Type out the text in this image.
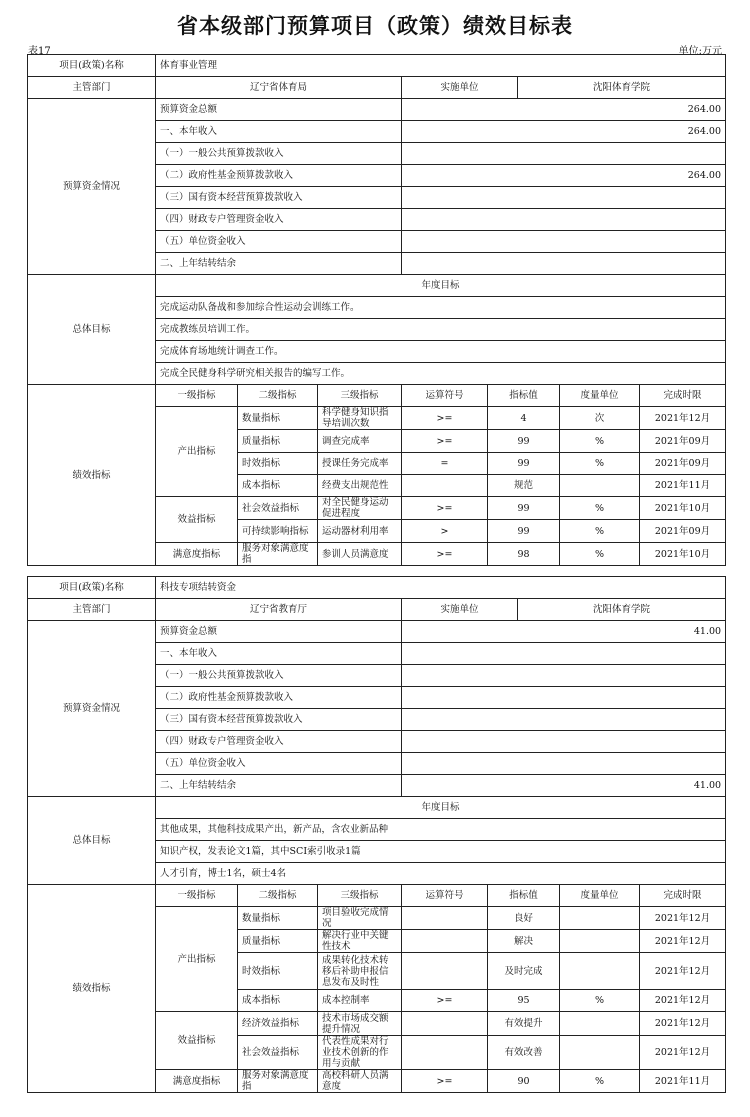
省本级部门预算项目（政策）绩效目标表
表17	单位:万元
项目(政策)名称	体育事业管理
主管部门	辽宁省体育局	实施单位	沈阳体育学院
预算资金情况	预算资金总额	264.00
一、本年收入	264.00
（一）一般公共预算拨款收入	
（二）政府性基金预算拨款收入	264.00
（三）国有资本经营预算拨款收入	
（四）财政专户管理资金收入	
（五）单位资金收入	
二、上年结转结余	
总体目标	年度目标
完成运动队备战和参加综合性运动会训练工作。
完成教练员培训工作。
完成体育场地统计调查工作。
完成全民健身科学研究相关报告的编写工作。
绩效指标	
一级指标	二级指标	三级指标	运算符号	指标值	度量单位	完成时限
产出指标	数量指标	科学健身知识指导培训次数	>=	4	次	2021年12月
质量指标	调查完成率	>=	99	%	2021年09月
时效指标	授课任务完成率	=	99	%	2021年09月
成本指标	经费支出规范性		规范		2021年11月
效益指标	社会效益指标	对全民健身运动促进程度	>=	99	%	2021年10月
可持续影响指标	运动器材利用率	>	99	%	2021年09月
满意度指标	服务对象满意度指	参训人员满意度	>=	98	%	2021年10月
项目(政策)名称	科技专项结转资金
主管部门	辽宁省教育厅	实施单位	沈阳体育学院
预算资金情况	预算资金总额	41.00
一、本年收入	
（一）一般公共预算拨款收入	
（二）政府性基金预算拨款收入	
（三）国有资本经营预算拨款收入	
（四）财政专户管理资金收入	
（五）单位资金收入	
二、上年结转结余	41.00
总体目标	年度目标
其他成果，其他科技成果产出，新产品，含农业新品种
知识产权，发表论文1篇，其中SCI索引收录1篇
人才引育，博士1名，硕士4名
绩效指标	
一级指标	二级指标	三级指标	运算符号	指标值	度量单位	完成时限
产出指标	数量指标	项目验收完成情况		良好		2021年12月
质量指标	解决行业中关键性技术		解决		2021年12月
时效指标	成果转化技术转移后补助申报信息发布及时性		及时完成		2021年12月
成本指标	成本控制率	>=	95	%	2021年12月
效益指标	经济效益指标	技术市场成交额提升情况		有效提升		2021年12月
社会效益指标	代表性成果对行业技术创新的作用与贡献		有效改善		2021年12月
满意度指标	服务对象满意度指	高校科研人员满意度	>=	90	%	2021年11月
